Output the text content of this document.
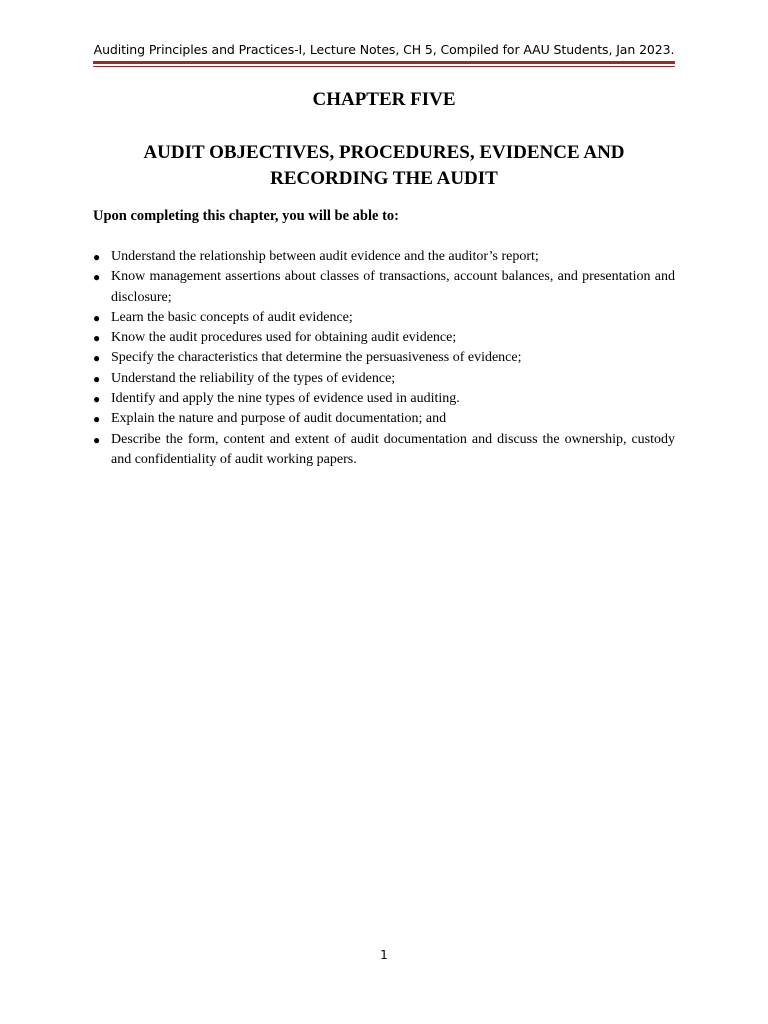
Auditing Principles and Practices-I, Lecture Notes, CH 5, Compiled for AAU Students, Jan 2023.
CHAPTER FIVE
AUDIT OBJECTIVES, PROCEDURES, EVIDENCE AND
RECORDING THE AUDIT
Upon completing this chapter, you will be able to:
● Understand the relationship between audit evidence and the auditor’s report;
● Know management assertions about classes of transactions, account balances, and presentation and disclosure;
● Learn the basic concepts of audit evidence;
● Know the audit procedures used for obtaining audit evidence;
● Specify the characteristics that determine the persuasiveness of evidence;
● Understand the reliability of the types of evidence;
● Identify and apply the nine types of evidence used in auditing.
● Explain the nature and purpose of audit documentation; and
● Describe the form, content and extent of audit documentation and discuss the ownership, custody and confidentiality of audit working papers.
1
